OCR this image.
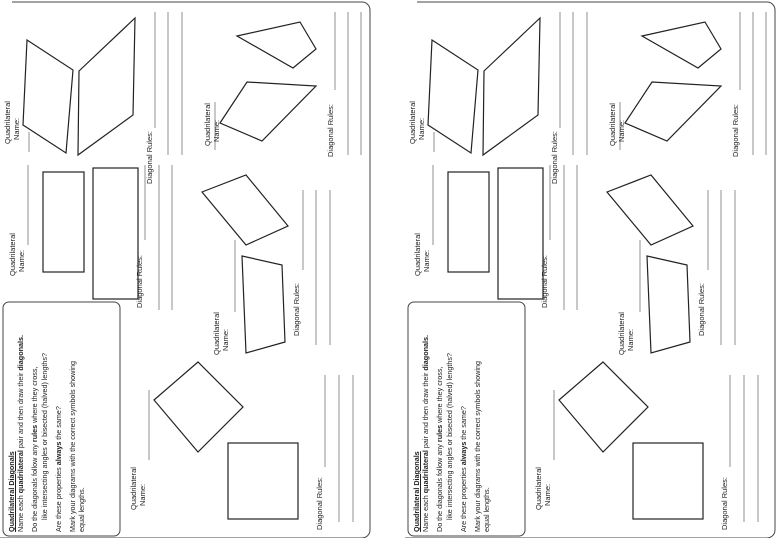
Quadrilateral Name:	Quadrilateral Name:
Quadrilateral Name:
Quadrilateral Name:
Quadrilateral Name:
Diagonal Rules:
Diagonal Rules:
Diagonal Rules:
Diagonal Rules:
Diagonal Rules:
Quadrilateral Diagonals Name each quadrilateral pair and then draw their diagonals.
Do the diagonals follow any rules where they cross, like intersecting angles or bisected (halved) lengths? Are these properties always the same? Mark your diagrams with the correct symbols showing equal lengths.
Quadrilateral Name:	Quadrilateral Name:
Quadrilateral Name:
Quadrilateral Name:
Quadrilateral Name:
Diagonal Rules:
Diagonal Rules:
Diagonal Rules:
Diagonal Rules:
Diagonal Rules:
Quadrilateral Diagonals Name each quadrilateral pair and then draw their diagonals.
Do the diagonals follow any rules where they cross, like intersecting angles or bisected (halved) lengths? Are these properties always the same? Mark your diagrams with the correct symbols showing equal lengths.
